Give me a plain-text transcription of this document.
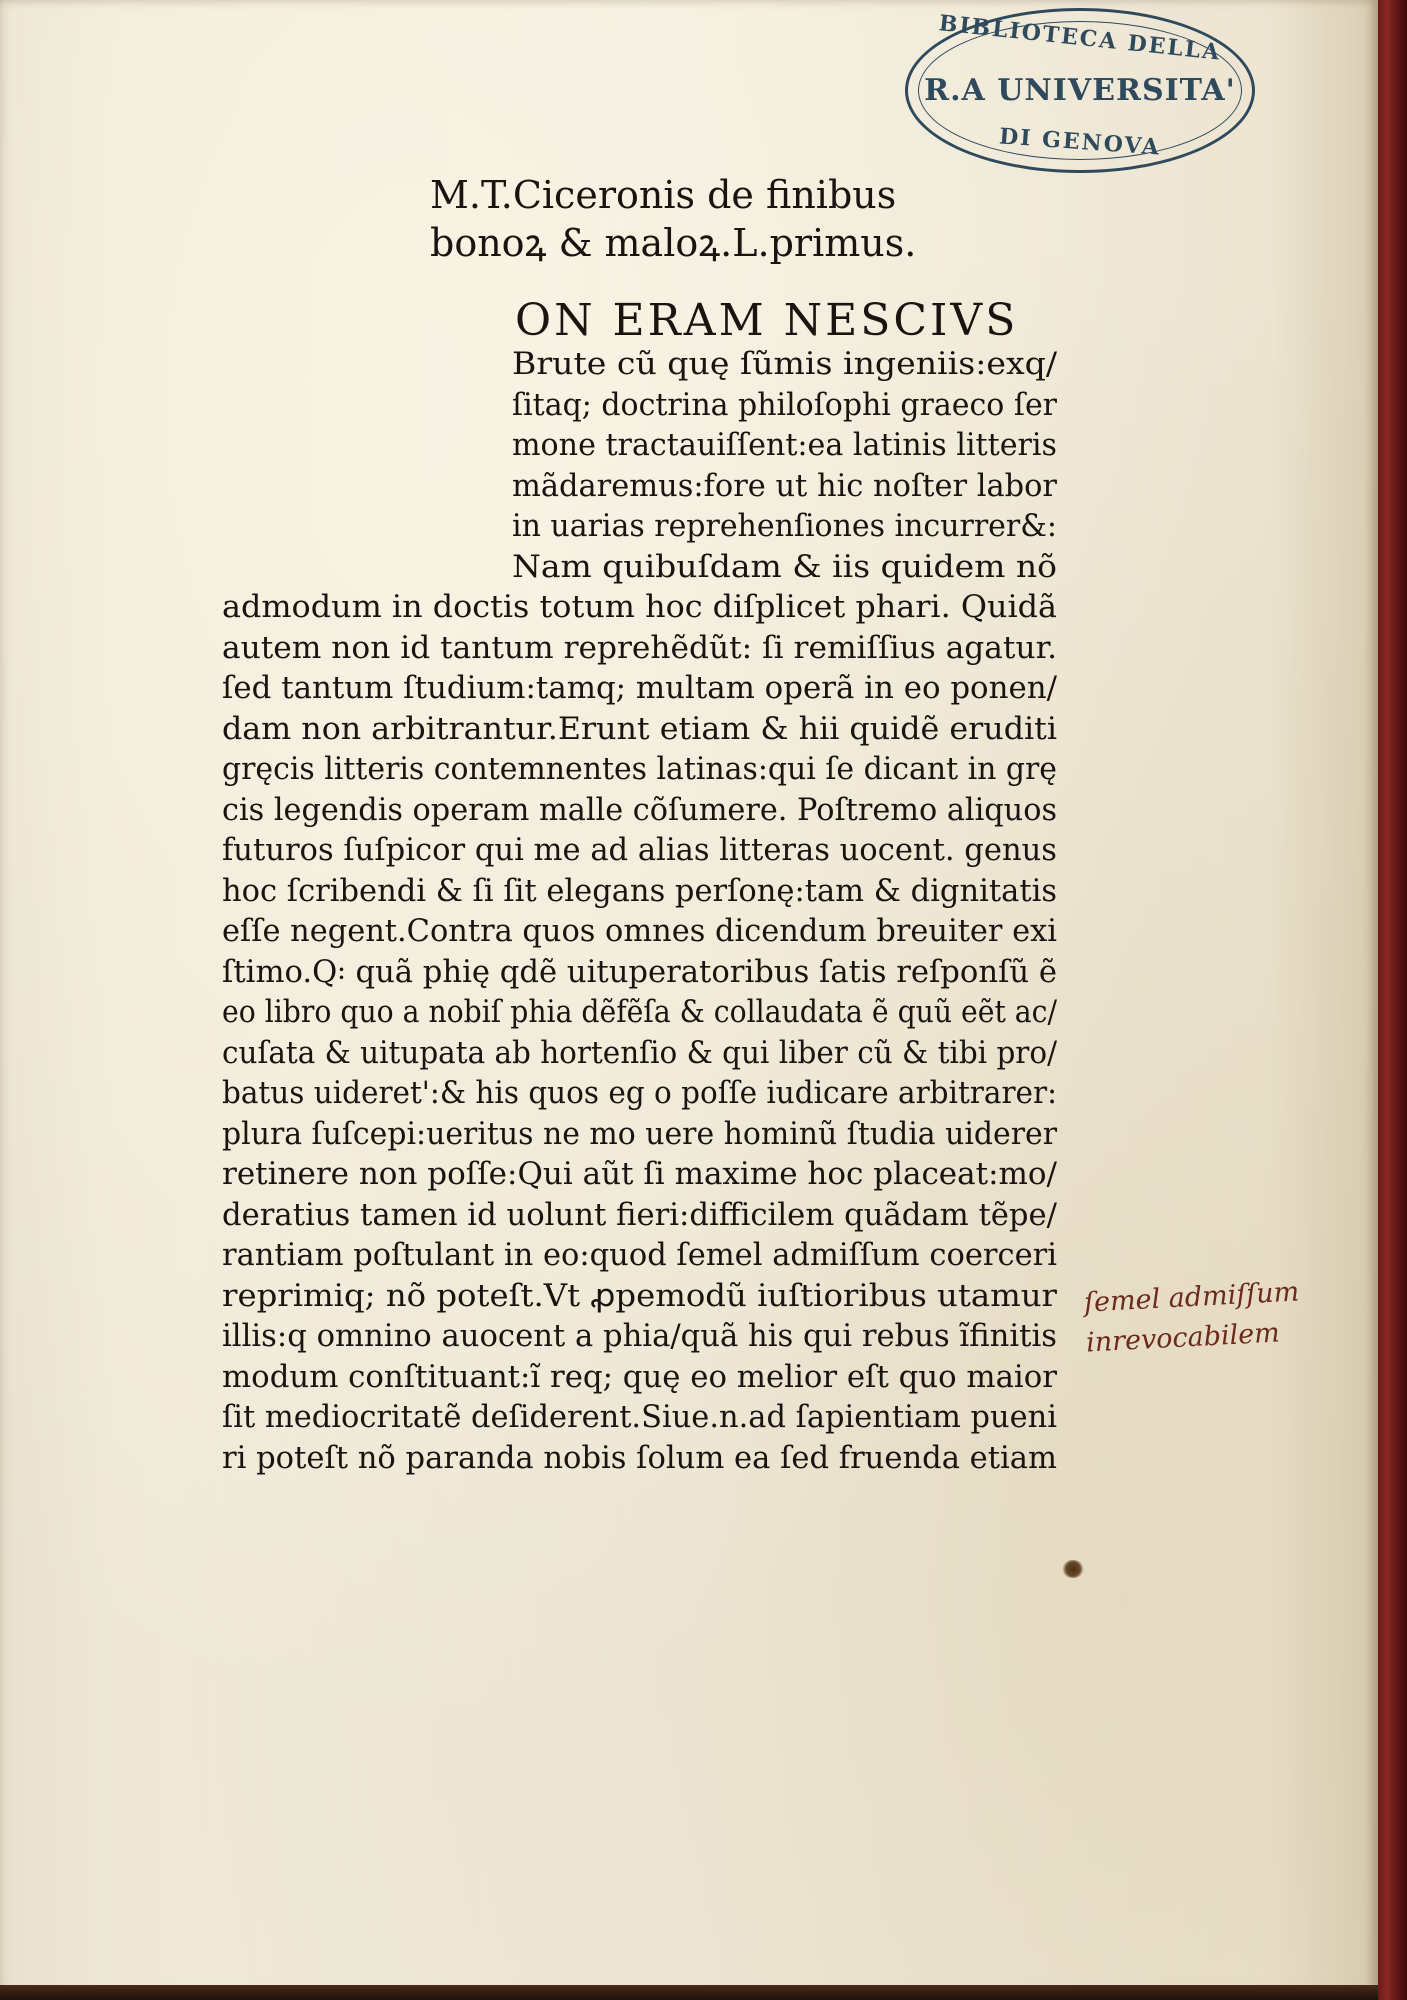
BIBLIOTECA DELLA
R.A UNIVERSITA'
DI GENOVA
M.T.Ciceronis de finibus
bonoꝝ & maloꝝ.L.primus.
ON ERAM NESCIVS
Brute cũ quę ſũmis ingeniis:exq/
ſitaq; doctrina philoſophi graeco ſer
mone tractauiſſent:ea latinis litteris
mãdaremus:fore ut hic noſter labor
in uarias reprehenſiones incurrer&:
Nam quibuſdam & iis quidem nõ
admodum in doctis totum hoc diſplicet phari. Quidã
autem non id tantum reprehẽdũt: ſi remiſſius agatur.
ſed tantum ſtudium:tamq; multam operã in eo ponen/
dam non arbitrantur.Erunt etiam & hii quidẽ eruditi
gręcis litteris contemnentes latinas:qui ſe dicant in grę
cis legendis operam malle cõſumere. Poſtremo aliquos
futuros ſuſpicor qui me ad alias litteras uocent. genus
hoc ſcribendi & ſi ſit elegans perſonę:tam & dignitatis
eſſe negent.Contra quos omnes dicendum breuiter exi
ſtimo.Q꞉ quã phię qdẽ uituperatoribus ſatis reſponſũ ẽ
eo libro quo a nobiſ phia dẽfẽſa & collaudata ẽ quũ eẽt ac/
cuſata & uitupata ab hortenſio & qui liber cũ & tibi pro/
batus uideret':& his quos eg o poſſe iudicare arbitrarer:
plura ſuſcepi:ueritus ne mo uere hominũ ſtudia uiderer
retinere non poſſe:Qui aũt ſi maxime hoc placeat:mo/
deratius tamen id uolunt fieri:difficilem quãdam tẽpe/
rantiam poſtulant in eo:quod ſemel admiſſum coerceri
reprimiq; nõ poteſt.Vt ꝓpemodũ iuſtioribus utamur
illis:q omnino auocent a phia/quã his qui rebus ĩfinitis
modum conſtituant:ĩ req; quę eo melior eſt quo maior
ſit mediocritatẽ deſiderent.Siue.n.ad ſapientiam pueni
ri poteſt nõ paranda nobis ſolum ea ſed fruenda etiam
ſemel admiſſum
inrevocabilem
